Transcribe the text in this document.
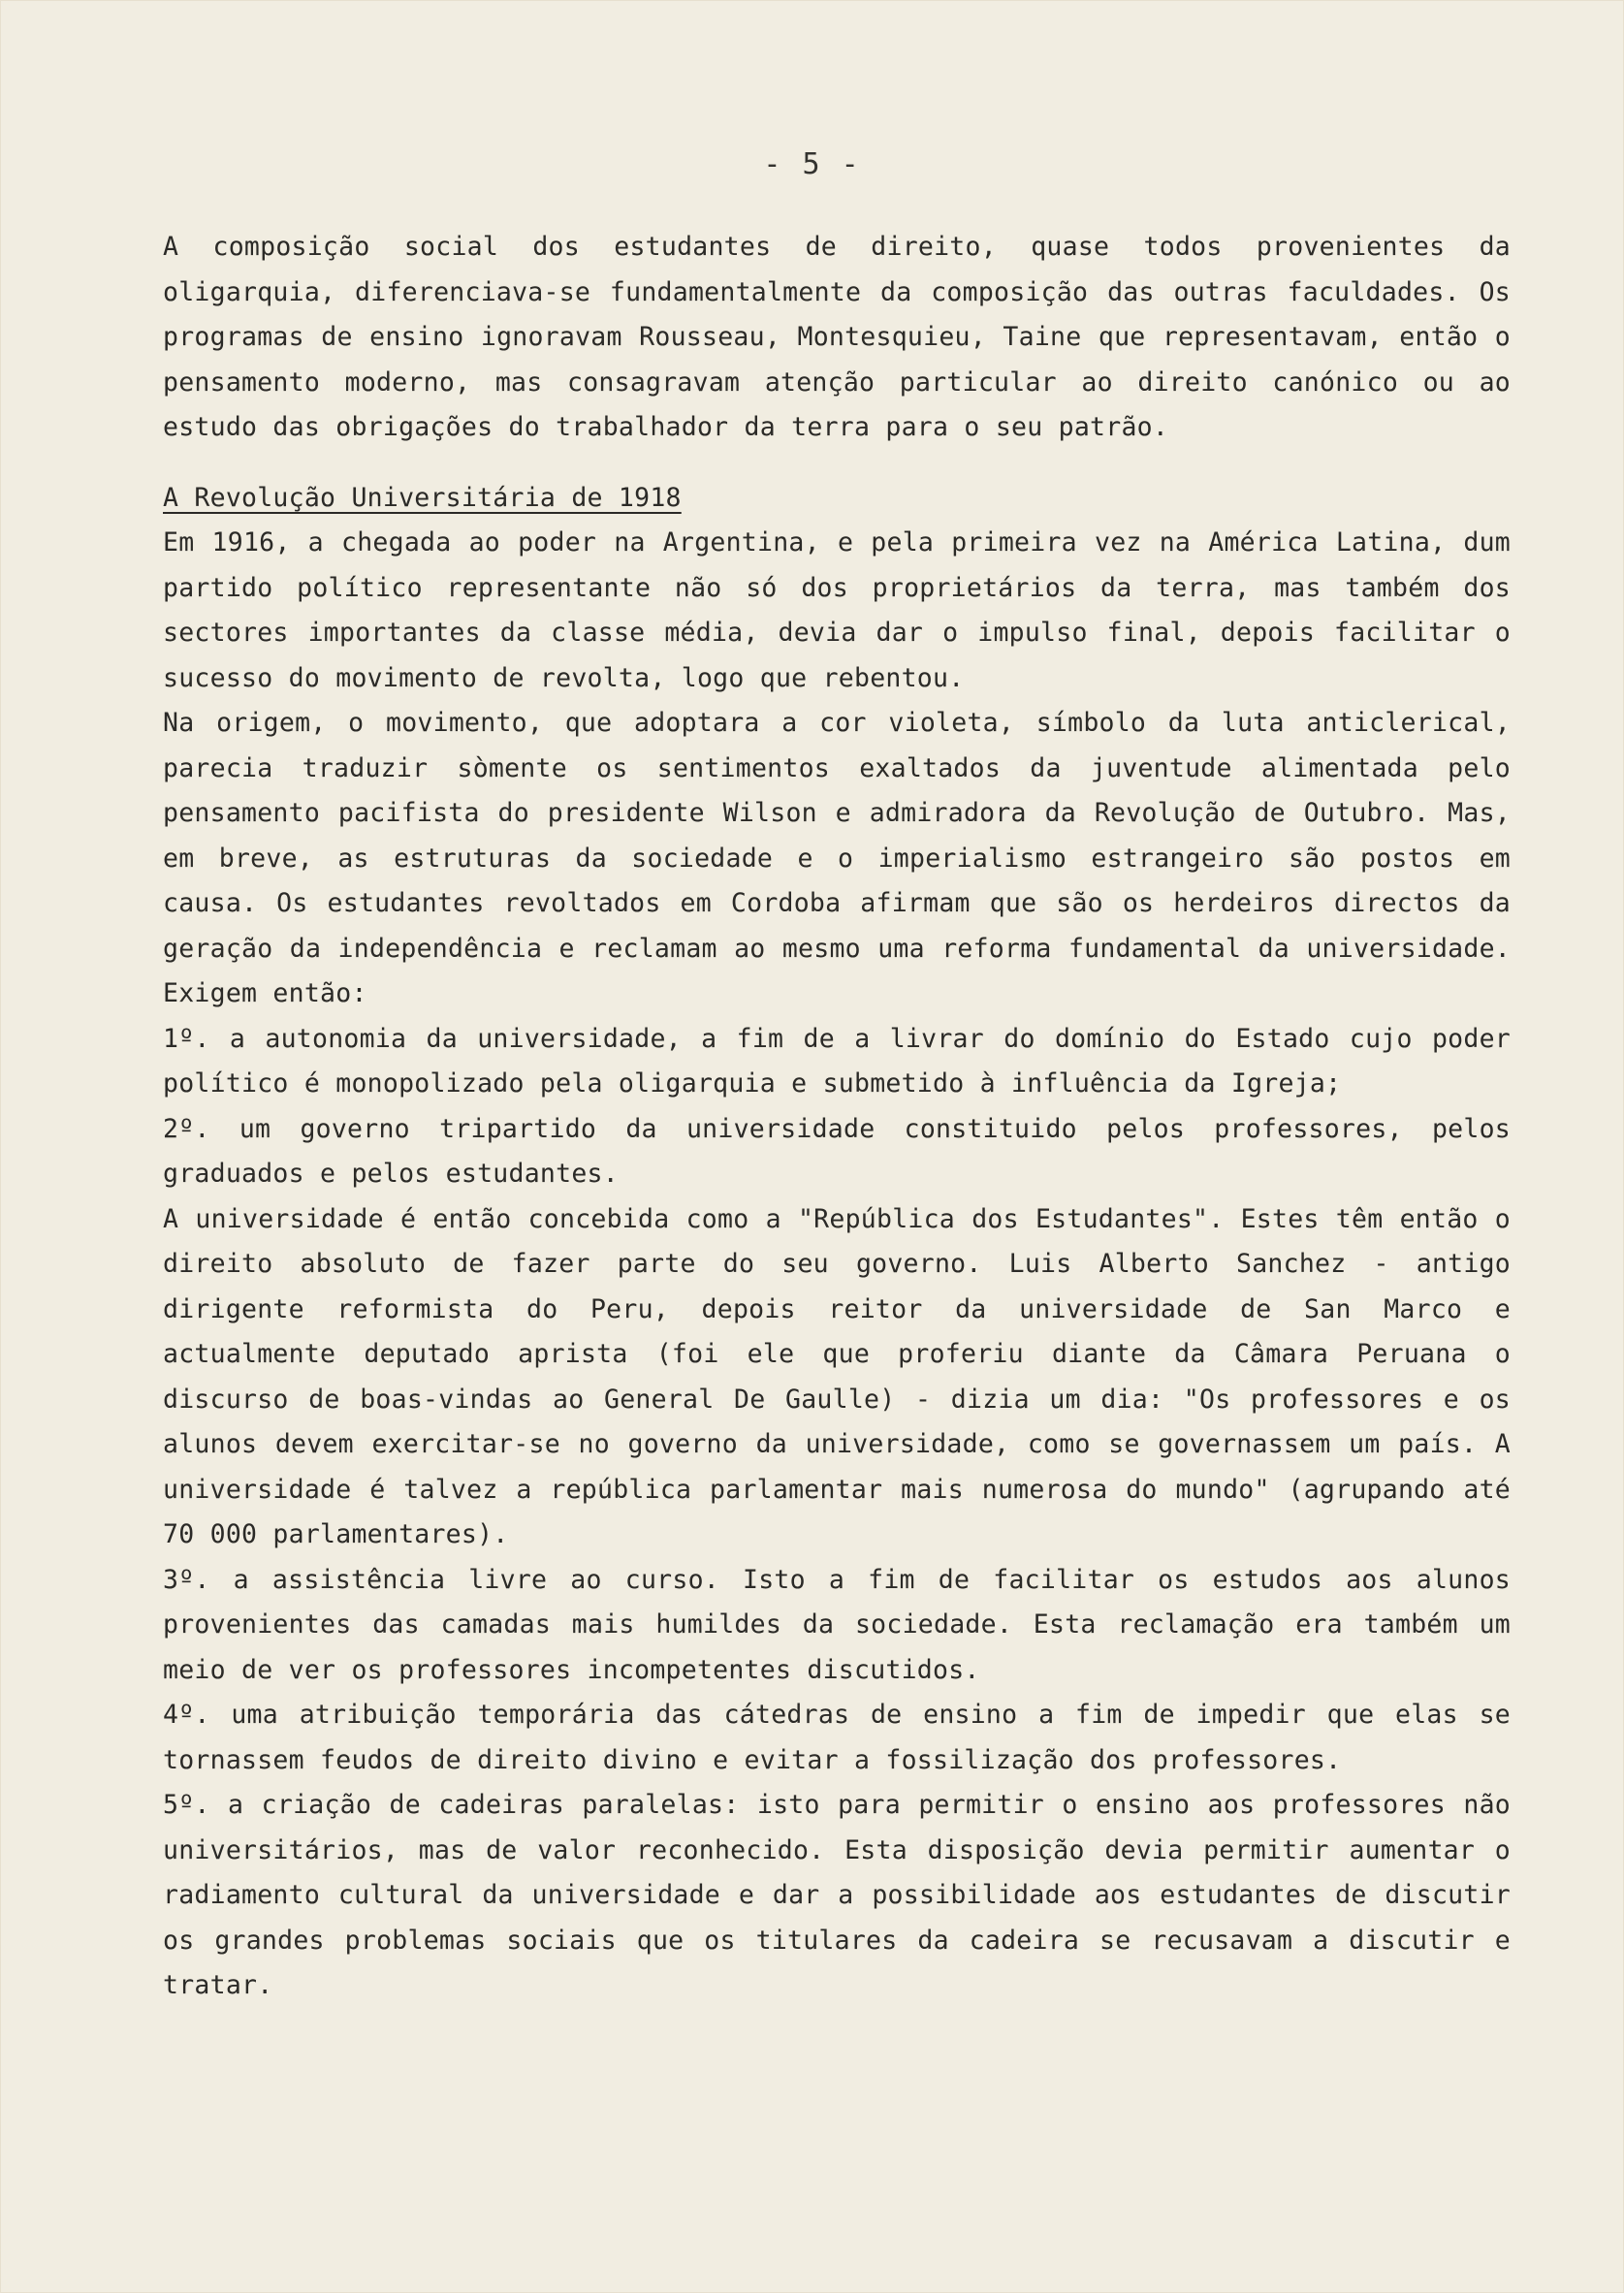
- 5 -

A composição social dos estudantes de direito, quase todos provenientes da oligarquia, diferenciava-se fundamentalmente da composição das outras faculdades. Os programas de ensino ignoravam Rousseau, Montesquieu, Taine que representavam, então o pensamento moderno, mas consagravam atenção particular ao direito canónico ou ao estudo das obrigações do trabalhador da terra para o seu patrão.

A Revolução Universitária de 1918

Em 1916, a chegada ao poder na Argentina, e pela primeira vez na América Latina, dum partido político representante não só dos proprietários da terra, mas também dos sectores importantes da classe média, devia dar o impulso final, depois facilitar o sucesso do movimento de revolta, logo que rebentou.

Na origem, o movimento, que adoptara a cor violeta, símbolo da luta anticlerical, parecia traduzir sòmente os sentimentos exaltados da juventude alimentada pelo pensamento pacifista do presidente Wilson e admiradora da Revolução de Outubro. Mas, em breve, as estruturas da sociedade e o imperialismo estrangeiro são postos em causa. Os estudantes revoltados em Cordoba afirmam que são os herdeiros directos da geração da independência e reclamam ao mesmo uma reforma fundamental da universidade. Exigem então:

1º. a autonomia da universidade, a fim de a livrar do domínio do Estado cujo poder político é monopolizado pela oligarquia e submetido à influência da Igreja;

2º. um governo tripartido da universidade constituido pelos professores, pelos graduados e pelos estudantes.

A universidade é então concebida como a "República dos Estudantes". Estes têm então o direito absoluto de fazer parte do seu governo. Luis Alberto Sanchez - antigo dirigente reformista do Peru, depois reitor da universidade de San Marco e actualmente deputado aprista (foi ele que proferiu diante da Câmara Peruana o discurso de boas-vindas ao General De Gaulle) - dizia um dia: "Os professores e os alunos devem exercitar-se no governo da universidade, como se governassem um país. A universidade é talvez a república parlamentar mais numerosa do mundo" (agrupando até 70 000 parlamentares).

3º. a assistência livre ao curso. Isto a fim de facilitar os estudos aos alunos provenientes das camadas mais humildes da sociedade. Esta reclamação era também um meio de ver os professores incompetentes discutidos.

4º. uma atribuição temporária das cátedras de ensino a fim de impedir que elas se tornassem feudos de direito divino e evitar a fossilização dos professores.

5º. a criação de cadeiras paralelas: isto para permitir o ensino aos professores não universitários, mas de valor reconhecido. Esta disposição devia permitir aumentar o radiamento cultural da universidade e dar a possibilidade aos estudantes de discutir os grandes problemas sociais que os titulares da cadeira se recusavam a discutir e tratar.
